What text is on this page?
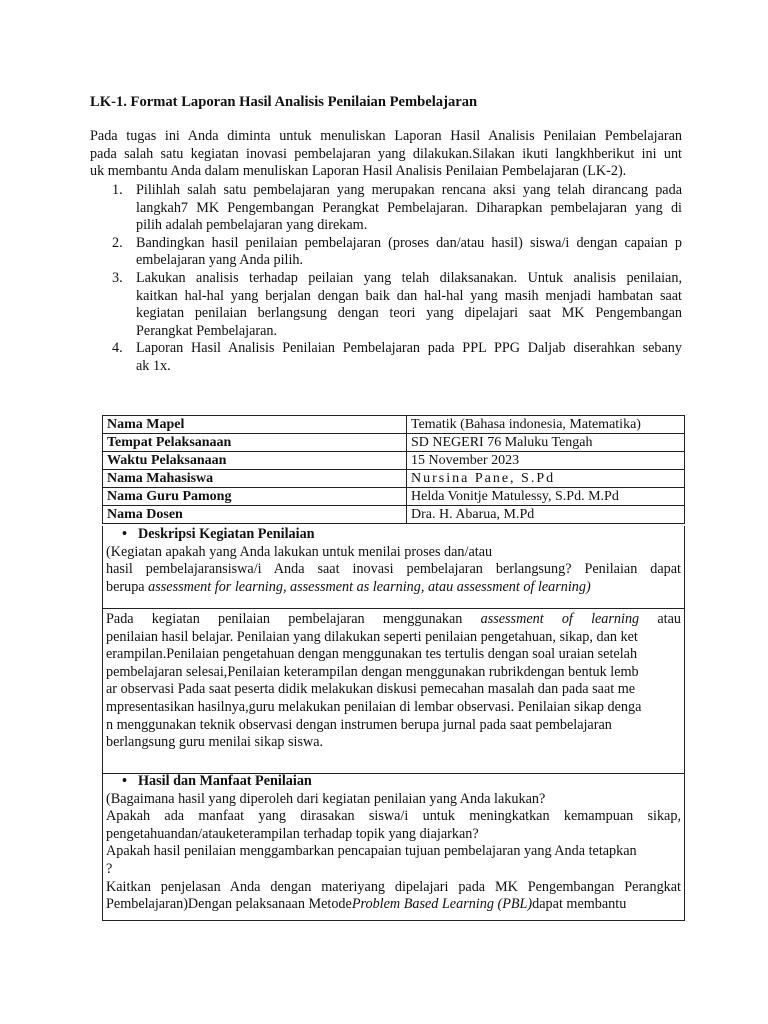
LK-1. Format Laporan Hasil Analisis Penilaian Pembelajaran
Pada tugas ini Anda diminta untuk menuliskan Laporan Hasil Analisis Penilaian Pembelajaran
pada salah satu kegiatan inovasi pembelajaran yang dilakukan.Silakan ikuti langkhberikut ini unt
uk membantu Anda dalam menuliskan Laporan Hasil Analisis Penilaian Pembelajaran (LK-2).
1. Pilihlah salah satu pembelajaran yang merupakan rencana aksi yang telah dirancang pada
langkah7 MK Pengembangan Perangkat Pembelajaran. Diharapkan pembelajaran yang di
pilih adalah pembelajaran yang direkam.
2. Bandingkan hasil penilaian pembelajaran (proses dan/atau hasil) siswa/i dengan capaian p
embelajaran yang Anda pilih.
3. Lakukan analisis terhadap peilaian yang telah dilaksanakan. Untuk analisis penilaian,
kaitkan hal-hal yang berjalan dengan baik dan hal-hal yang masih menjadi hambatan saat
kegiatan penilaian berlangsung dengan teori yang dipelajari saat MK Pengembangan
Perangkat Pembelajaran.
4. Laporan Hasil Analisis Penilaian Pembelajaran pada PPL PPG Daljab diserahkan sebany
ak 1x.
Nama Mapel	Tematik (Bahasa indonesia, Matematika)
Tempat Pelaksanaan	SD NEGERI 76 Maluku Tengah
Waktu Pelaksanaan	15 November 2023
Nama Mahasiswa	Nursina Pane, S.Pd
Nama Guru Pamong	Helda Vonitje Matulessy, S.Pd. M.Pd
Nama Dosen	Dra. H. Abarua, M.Pd
• Deskripsi Kegiatan Penilaian
(Kegiatan apakah yang Anda lakukan untuk menilai proses dan/atau
hasil pembelajaransiswa/i Anda saat inovasi pembelajaran berlangsung? Penilaian dapat
berupa assessment for learning, assessment as learning, atau assessment of learning)
Pada kegiatan penilaian pembelajaran menggunakan assessment of learning atau
penilaian hasil belajar. Penilaian yang dilakukan seperti penilaian pengetahuan, sikap, dan ket
erampilan.Penilaian pengetahuan dengan menggunakan tes tertulis dengan soal uraian setelah
pembelajaran selesai,Penilaian keterampilan dengan menggunakan rubrikdengan bentuk lemb
ar observasi Pada saat peserta didik melakukan diskusi pemecahan masalah dan pada saat me
mpresentasikan hasilnya,guru melakukan penilaian di lembar observasi. Penilaian sikap denga
n menggunakan teknik observasi dengan instrumen berupa jurnal pada saat pembelajaran
berlangsung guru menilai sikap siswa.
• Hasil dan Manfaat Penilaian
(Bagaimana hasil yang diperoleh dari kegiatan penilaian yang Anda lakukan?
Apakah ada manfaat yang dirasakan siswa/i untuk meningkatkan kemampuan sikap,
pengetahuandan/atauketerampilan terhadap topik yang diajarkan?
Apakah hasil penilaian menggambarkan pencapaian tujuan pembelajaran yang Anda tetapkan
?
Kaitkan penjelasan Anda dengan materiyang dipelajari pada MK Pengembangan Perangkat
Pembelajaran)Dengan pelaksanaan MetodeProblem Based Learning (PBL)dapat membantu
